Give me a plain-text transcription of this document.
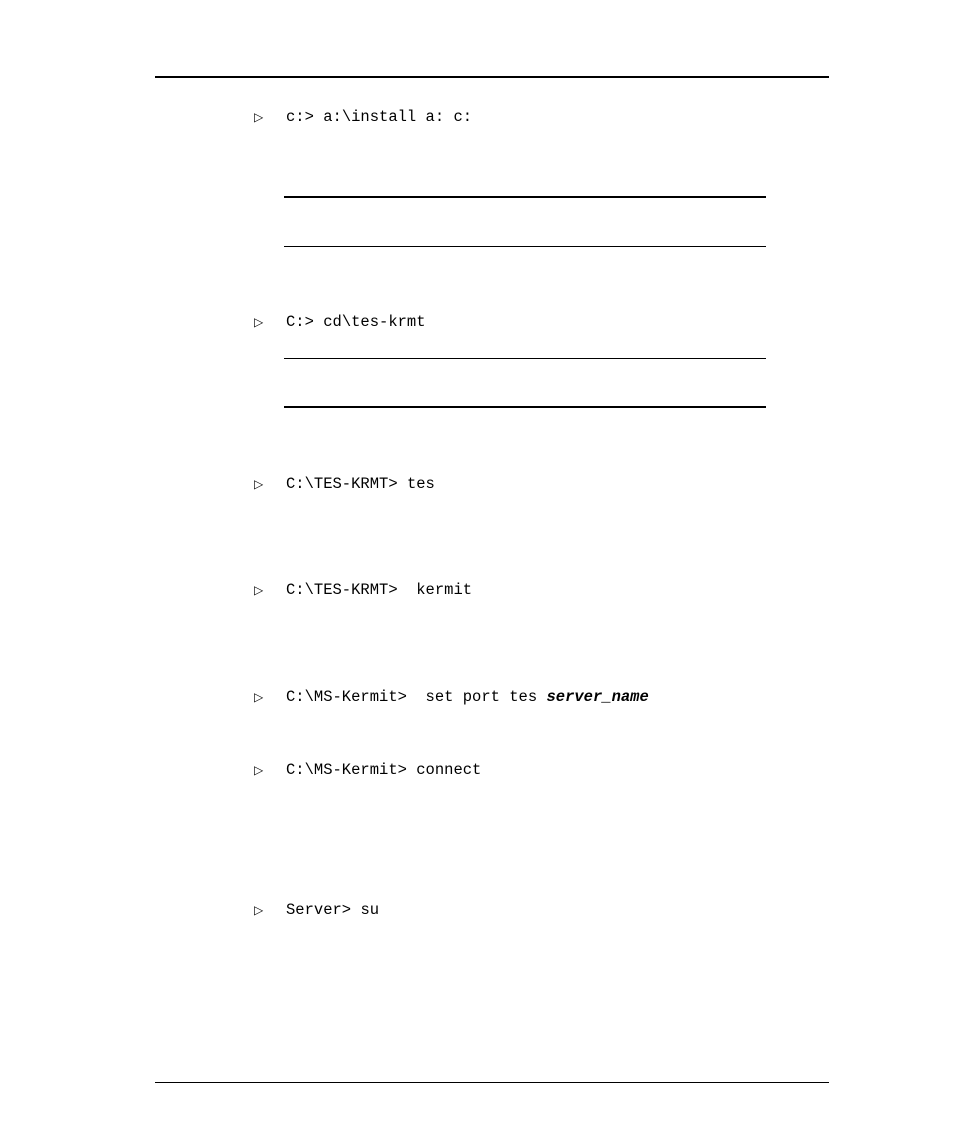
▷	c:>
a:\install a: c:
▷	C:>
cd\tes-krmt
▷	C:\TES-KRMT>
tes
▷	C:\TES-KRMT>
kermit
▷	C:\MS-Kermit>
set port tes server_name
▷	C:\MS-Kermit>
connect
▷	Server>
su
